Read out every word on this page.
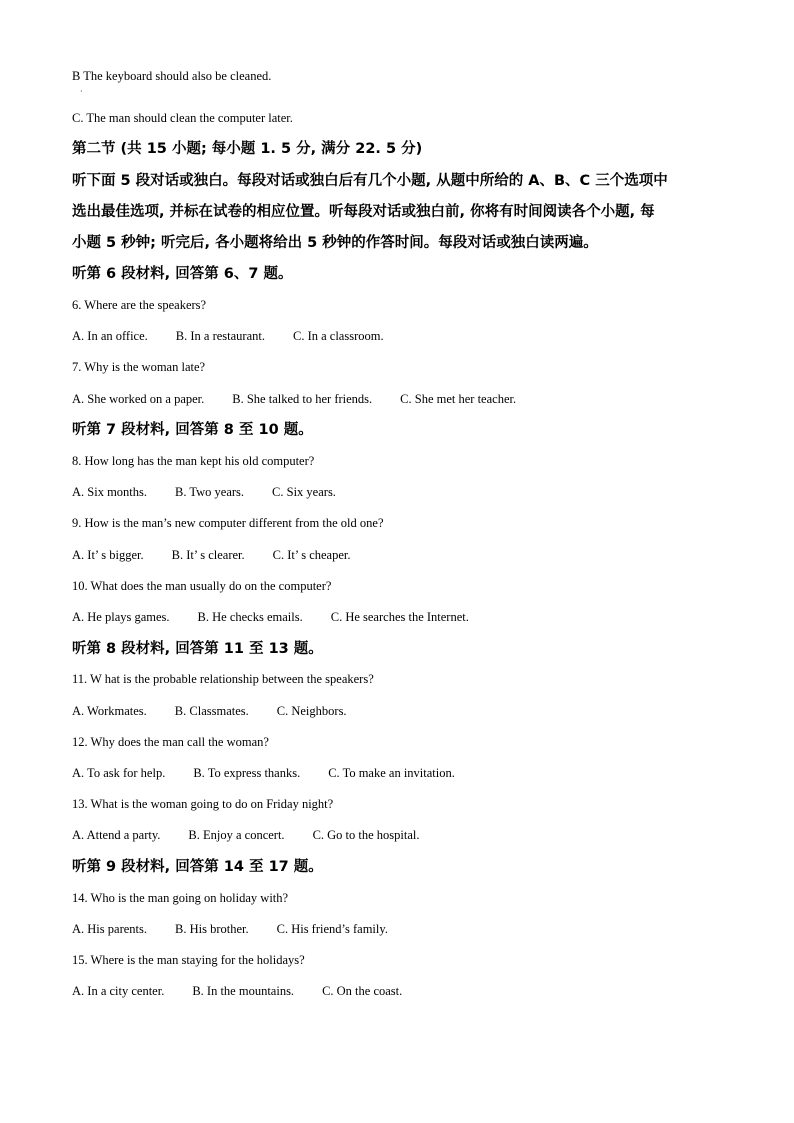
B The keyboard should also be cleaned.
·
C. The man should clean the computer later.
第二节 (共 15 小题; 每小题 1. 5 分, 满分 22. 5 分)
听下面 5 段对话或独白。每段对话或独白后有几个小题, 从题中所给的 A、B、C 三个选项中
选出最佳选项, 并标在试卷的相应位置。听每段对话或独白前, 你将有时间阅读各个小题, 每
小题 5 秒钟; 听完后, 各小题将给出 5 秒钟的作答时间。每段对话或独白读两遍。
听第 6 段材料, 回答第 6、7 题。
6. Where are the speakers?
A. In an office. B. In a restaurant. C. In a classroom.
7. Why is the woman late?
A. She worked on a paper. B. She talked to her friends. C. She met her teacher.
听第 7 段材料, 回答第 8 至 10 题。
8. How long has the man kept his old computer?
A. Six months. B. Two years. C. Six years.
9. How is the man’s new computer different from the old one?
A. It’ s bigger. B. It’ s clearer. C. It’ s cheaper.
10. What does the man usually do on the computer?
A. He plays games. B. He checks emails. C. He searches the Internet.
听第 8 段材料, 回答第 11 至 13 题。
11. W hat is the probable relationship between the speakers?
A. Workmates. B. Classmates. C. Neighbors.
12. Why does the man call the woman?
A. To ask for help. B. To express thanks. C. To make an invitation.
13. What is the woman going to do on Friday night?
A. Attend a party. B. Enjoy a concert. C. Go to the hospital.
听第 9 段材料, 回答第 14 至 17 题。
14. Who is the man going on holiday with?
A. His parents. B. His brother. C. His friend’s family.
15. Where is the man staying for the holidays?
A. In a city center. B. In the mountains. C. On the coast.
